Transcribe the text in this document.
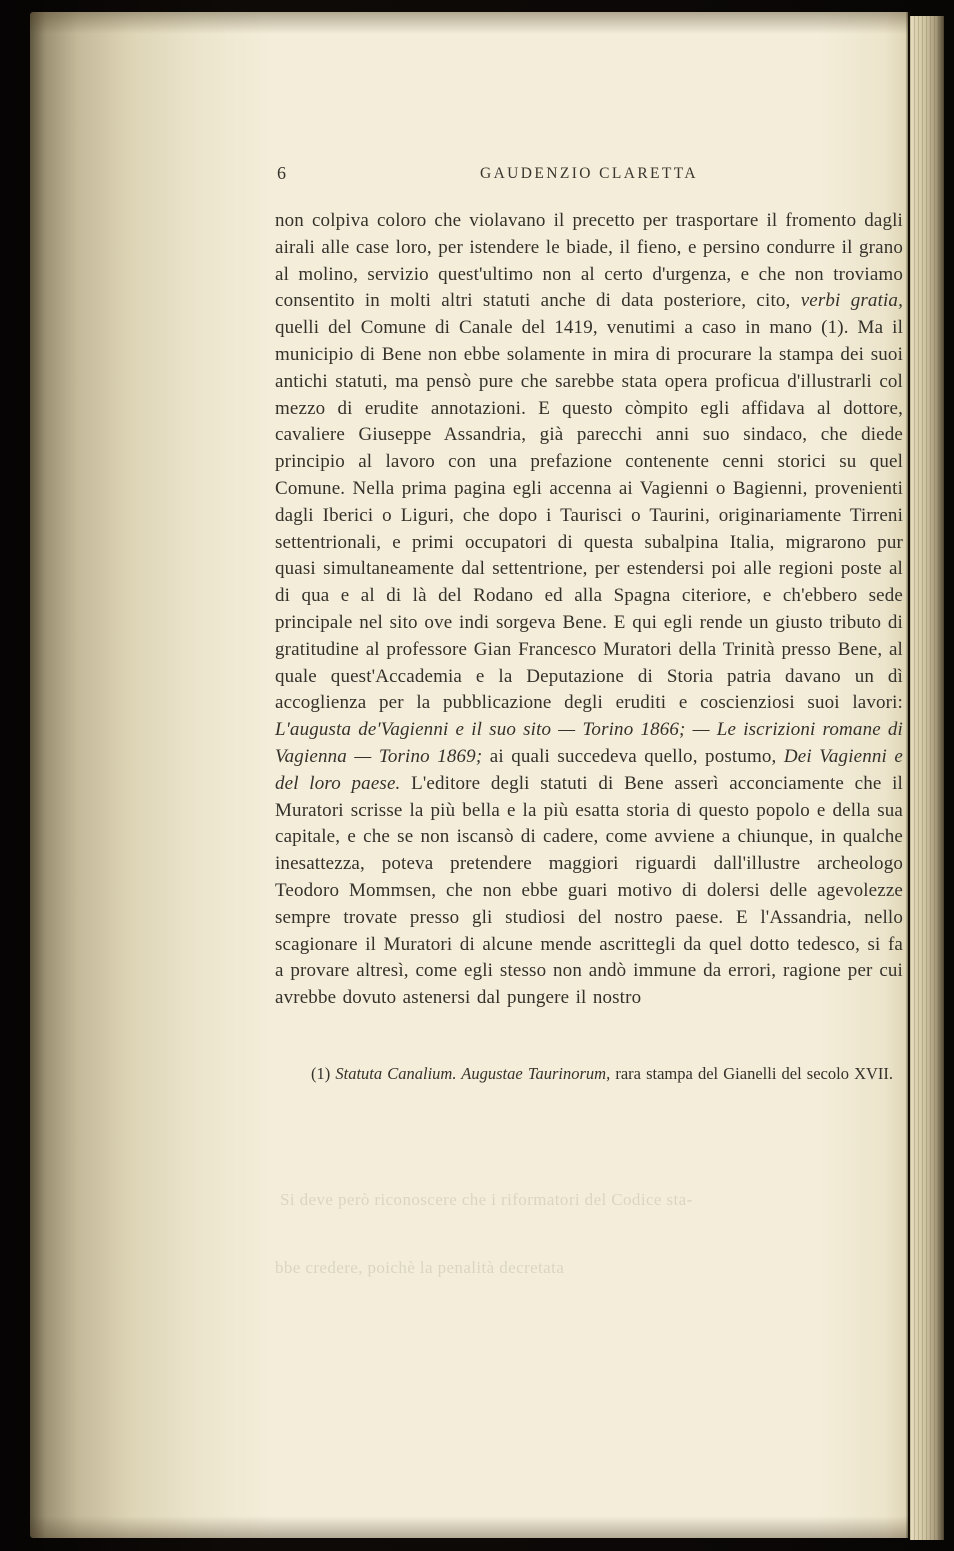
6	GAUDENZIO CLARETTA
non colpiva coloro che violavano il precetto per trasportare il fromento dagli airali alle case loro, per istendere le biade, il fieno, e persino condurre il grano al molino, servizio quest'ultimo non al certo d'urgenza, e che non troviamo consentito in molti altri statuti anche di data posteriore, cito, verbi gratia, quelli del Comune di Canale del 1419, venutimi a caso in mano (1). Ma il municipio di Bene non ebbe solamente in mira di procurare la stampa dei suoi antichi statuti, ma pensò pure che sarebbe stata opera proficua d'illustrarli col mezzo di erudite annotazioni. E questo còmpito egli affidava al dottore, cavaliere Giuseppe Assandria, già parecchi anni suo sindaco, che diede principio al lavoro con una prefazione contenente cenni storici su quel Comune. Nella prima pagina egli accenna ai Vagienni o Bagienni, provenienti dagli Iberici o Liguri, che dopo i Taurisci o Taurini, originariamente Tirreni settentrionali, e primi occupatori di questa subalpina Italia, migrarono pur quasi simultaneamente dal settentrione, per estendersi poi alle regioni poste al di qua e al di là del Rodano ed alla Spagna citeriore, e ch'ebbero sede principale nel sito ove indi sorgeva Bene. E qui egli rende un giusto tributo di gratitudine al professore Gian Francesco Muratori della Trinità presso Bene, al quale quest'Accademia e la Deputazione di Storia patria davano un dì accoglienza per la pubblicazione degli eruditi e coscienziosi suoi lavori: L'augusta de'Vagienni e il suo sito — Torino 1866; — Le iscrizioni romane di Vagienna — Torino 1869; ai quali succedeva quello, postumo, Dei Vagienni e del loro paese. L'editore degli statuti di Bene asserì acconciamente che il Muratori scrisse la più bella e la più esatta storia di questo popolo e della sua capitale, e che se non iscansò di cadere, come avviene a chiunque, in qualche inesattezza, poteva pretendere maggiori riguardi dall'illustre archeologo Teodoro Mommsen, che non ebbe guari motivo di dolersi delle agevolezze sempre trovate presso gli studiosi del nostro paese. E l'Assandria, nello scagionare il Muratori di alcune mende ascrittegli da quel dotto tedesco, si fa a provare altresì, come egli stesso non andò immune da errori, ragione per cui avrebbe dovuto astenersi dal pungere il nostro
(1) Statuta Canalium. Augustae Taurinorum, rara stampa del Gianelli del secolo XVII.
Si deve però riconoscere che i riformatori del Codice sta-
bbe credere, poichè la penalità decretata
